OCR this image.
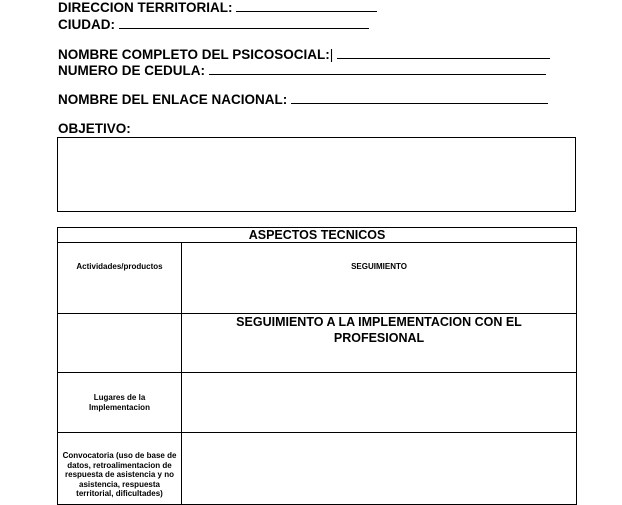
DIRECCION TERRITORIAL:
CIUDAD:
NOMBRE COMPLETO DEL PSICOSOCIAL:|
NUMERO DE CEDULA:
NOMBRE DEL ENLACE NACIONAL:
OBJETIVO:
ASPECTOS TECNICOS	
Actividades/productos	SEGUIMIENTO
	SEGUIMIENTO A LA IMPLEMENTACION CON EL PROFESIONAL
Lugares de la Implementacion	
Convocatoria (uso de base de datos, retroalimentacion de respuesta de asistencia y no asistencia, respuesta territorial, dificultades)	
